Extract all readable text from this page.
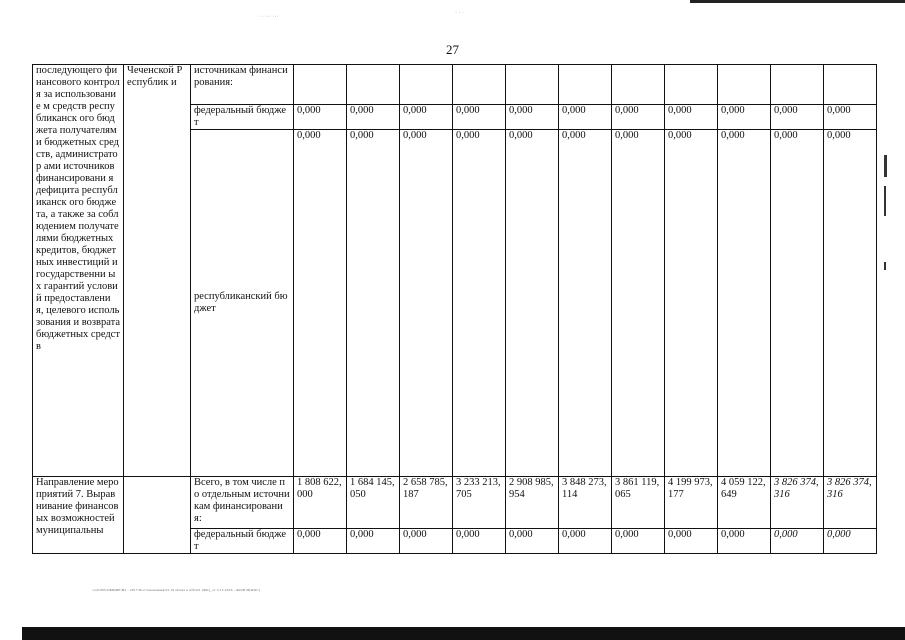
· · ··· ···
· · ·
27
последующего финансового контроля за использование м средств республиканск ого бюджета получателями бюджетных средств, администратор ами источников финансировани я дефицита республиканск ого бюджета, а также за соблюдением получателями бюджетных кредитов, бюджетных инвестиций и государственни ых гарантий условий предоставлени я, целевого использования и возврата бюджетных средств	Чеченской Республик и	источникам финансирования:											
		федеральный бюджет	0,000	0,000	0,000	0,000	0,000	0,000	0,000	0,000	0,000	0,000	0,000
		республиканский бюджет	0,000	0,000	0,000	0,000	0,000	0,000	0,000	0,000	0,000	0,000	0,000
Направление мероприятий 7. Выравнивание финансовых возможностей муниципальны		Всего, в том числе по отдельным источникам финансирования:	1 808 622,000	1 684 145,050	2 658 785,187	3 233 213,705	2 908 985,954	3 848 273,114	3 861 119,065	4 199 973,177	4 059 122,649	3 826 374,316	3 826 374,316
		федеральный бюджет	0,000	0,000	0,000	0,000	0,000	0,000	0,000	0,000	0,000	0,000	0,000
\\ed1005\ОБЩИЕ\На - 2017\Постановления\01.19 Ответ к п№321 (ФК)_от 3.12.2016 - ФОЛГИ(ФОС)
